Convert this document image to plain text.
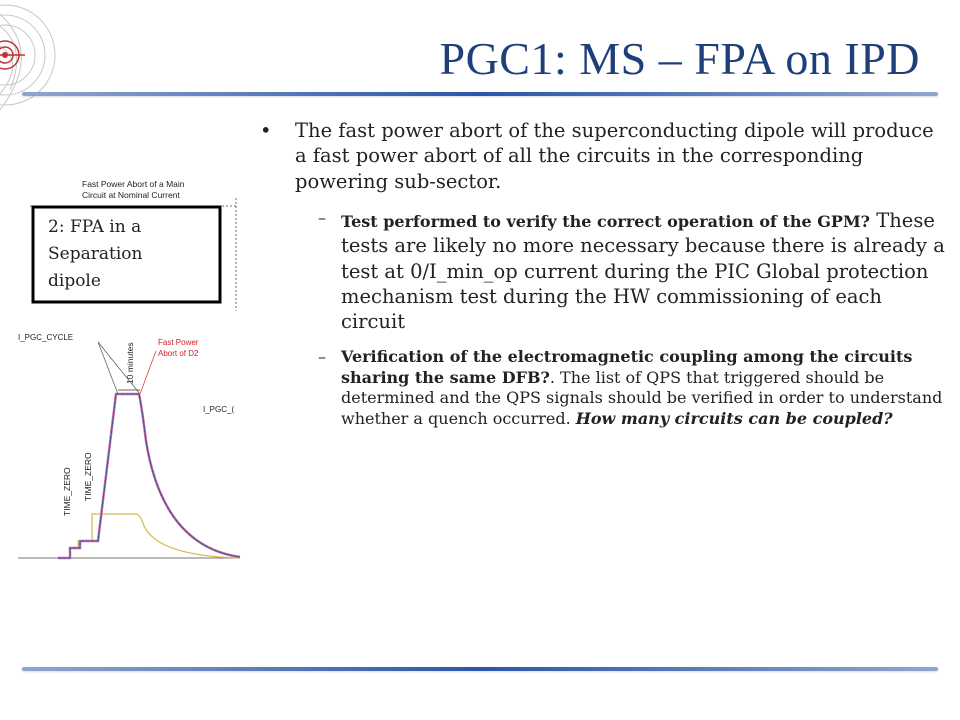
PGC1: MS – FPA on IPD
Fast Power Abort of a Main
Circuit at Nominal Current
2: FPA in a
Separation
dipole
I_PGC_CYCLE
Fast Power
Abort of D2
I_PGC_(
10 minutes
TIME_ZERO TIME_ZERO
• The fast power abort of the superconducting dipole will produce a fast power abort of all the circuits in the corresponding powering sub-sector.
– Test performed to verify the correct operation of the GPM? These tests are likely no more necessary because there is already a test at 0/I_min_op current during the PIC Global protection mechanism test during the HW commissioning of each circuit
– Verification of the electromagnetic coupling among the circuits sharing the same DFB?. The list of QPS that triggered should be determined and the QPS signals should be verified in order to understand whether a quench occurred. How many circuits can be coupled?
